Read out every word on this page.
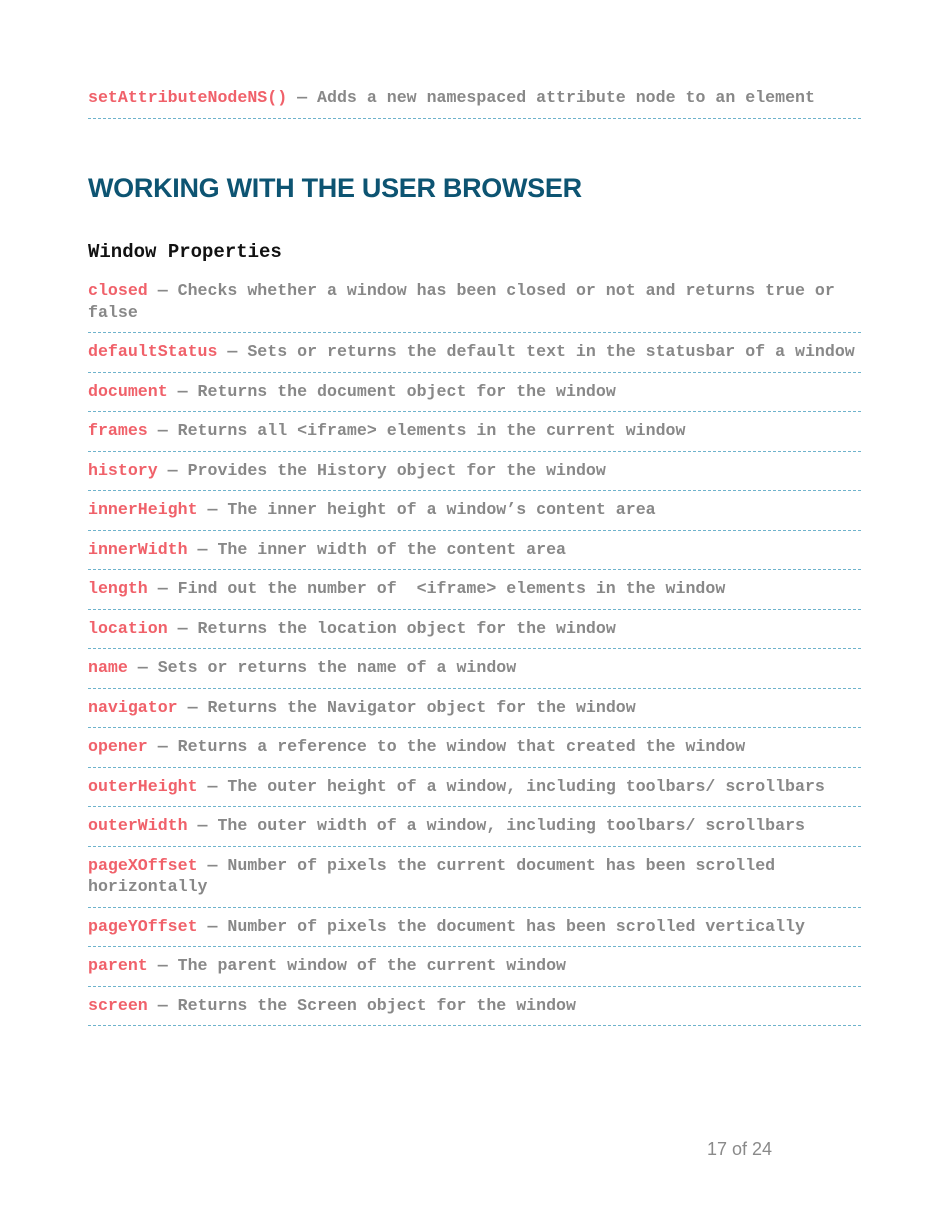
setAttributeNodeNS() — Adds a new namespaced attribute node to an element
WORKING WITH THE USER BROWSER
Window Properties
closed — Checks whether a window has been closed or not and returns true or false
defaultStatus — Sets or returns the default text in the statusbar of a window
document — Returns the document object for the window
frames — Returns all <iframe> elements in the current window
history — Provides the History object for the window
innerHeight — The inner height of a window’s content area
innerWidth — The inner width of the content area
length — Find out the number of  <iframe> elements in the window
location — Returns the location object for the window
name — Sets or returns the name of a window
navigator — Returns the Navigator object for the window
opener — Returns a reference to the window that created the window
outerHeight — The outer height of a window, including toolbars/ scrollbars
outerWidth — The outer width of a window, including toolbars/ scrollbars
pageXOffset — Number of pixels the current document has been scrolled horizontally
pageYOffset — Number of pixels the document has been scrolled vertically
parent — The parent window of the current window
screen — Returns the Screen object for the window
17 of 24
